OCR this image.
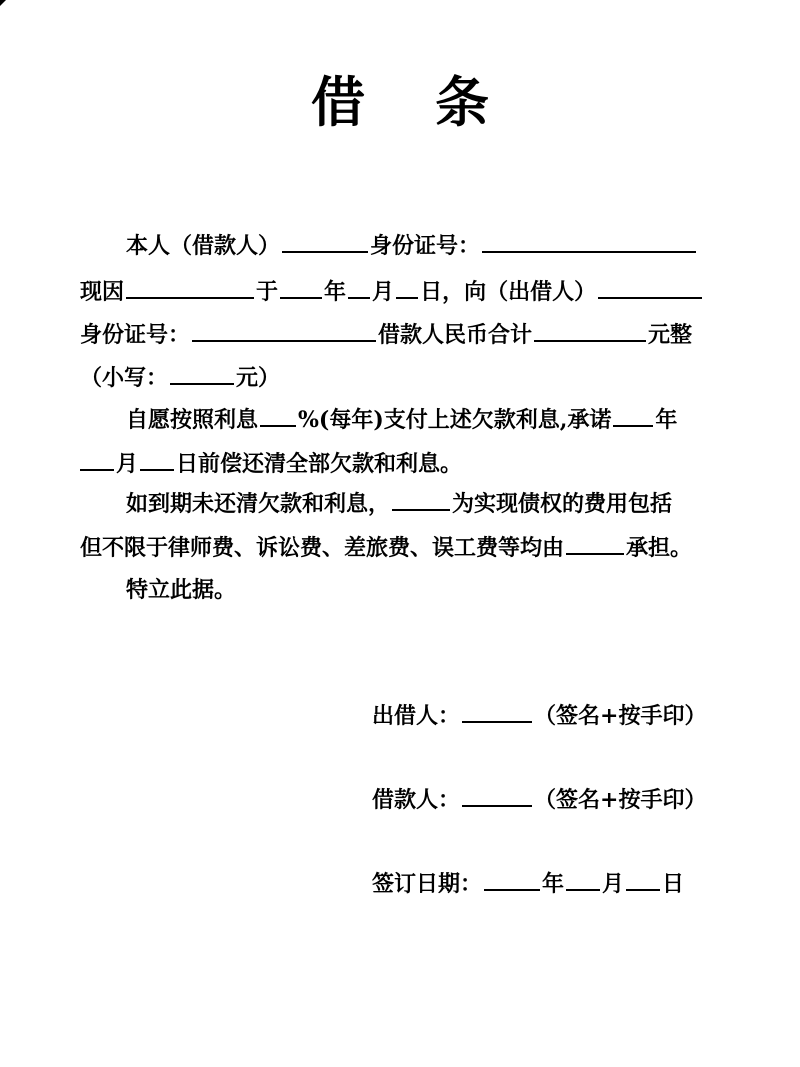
借 条
本人（借款人）	身份证号：
现因	于 年 月 日，向（出借人）
身份证号：	借款人民币合计	元整
（小写：	元）
自愿按照利息 %(每年)支付上述欠款利息,承诺 年
月 日前偿还清全部欠款和利息。
如到期未还清欠款和利息，	为实现债权的费用包括
但不限于律师费、诉讼费、差旅费、误工费等均由	承担。
特立此据。
出借人：	（签名+按手印）
借款人：	（签名+按手印）
签订日期：	年 月 日
